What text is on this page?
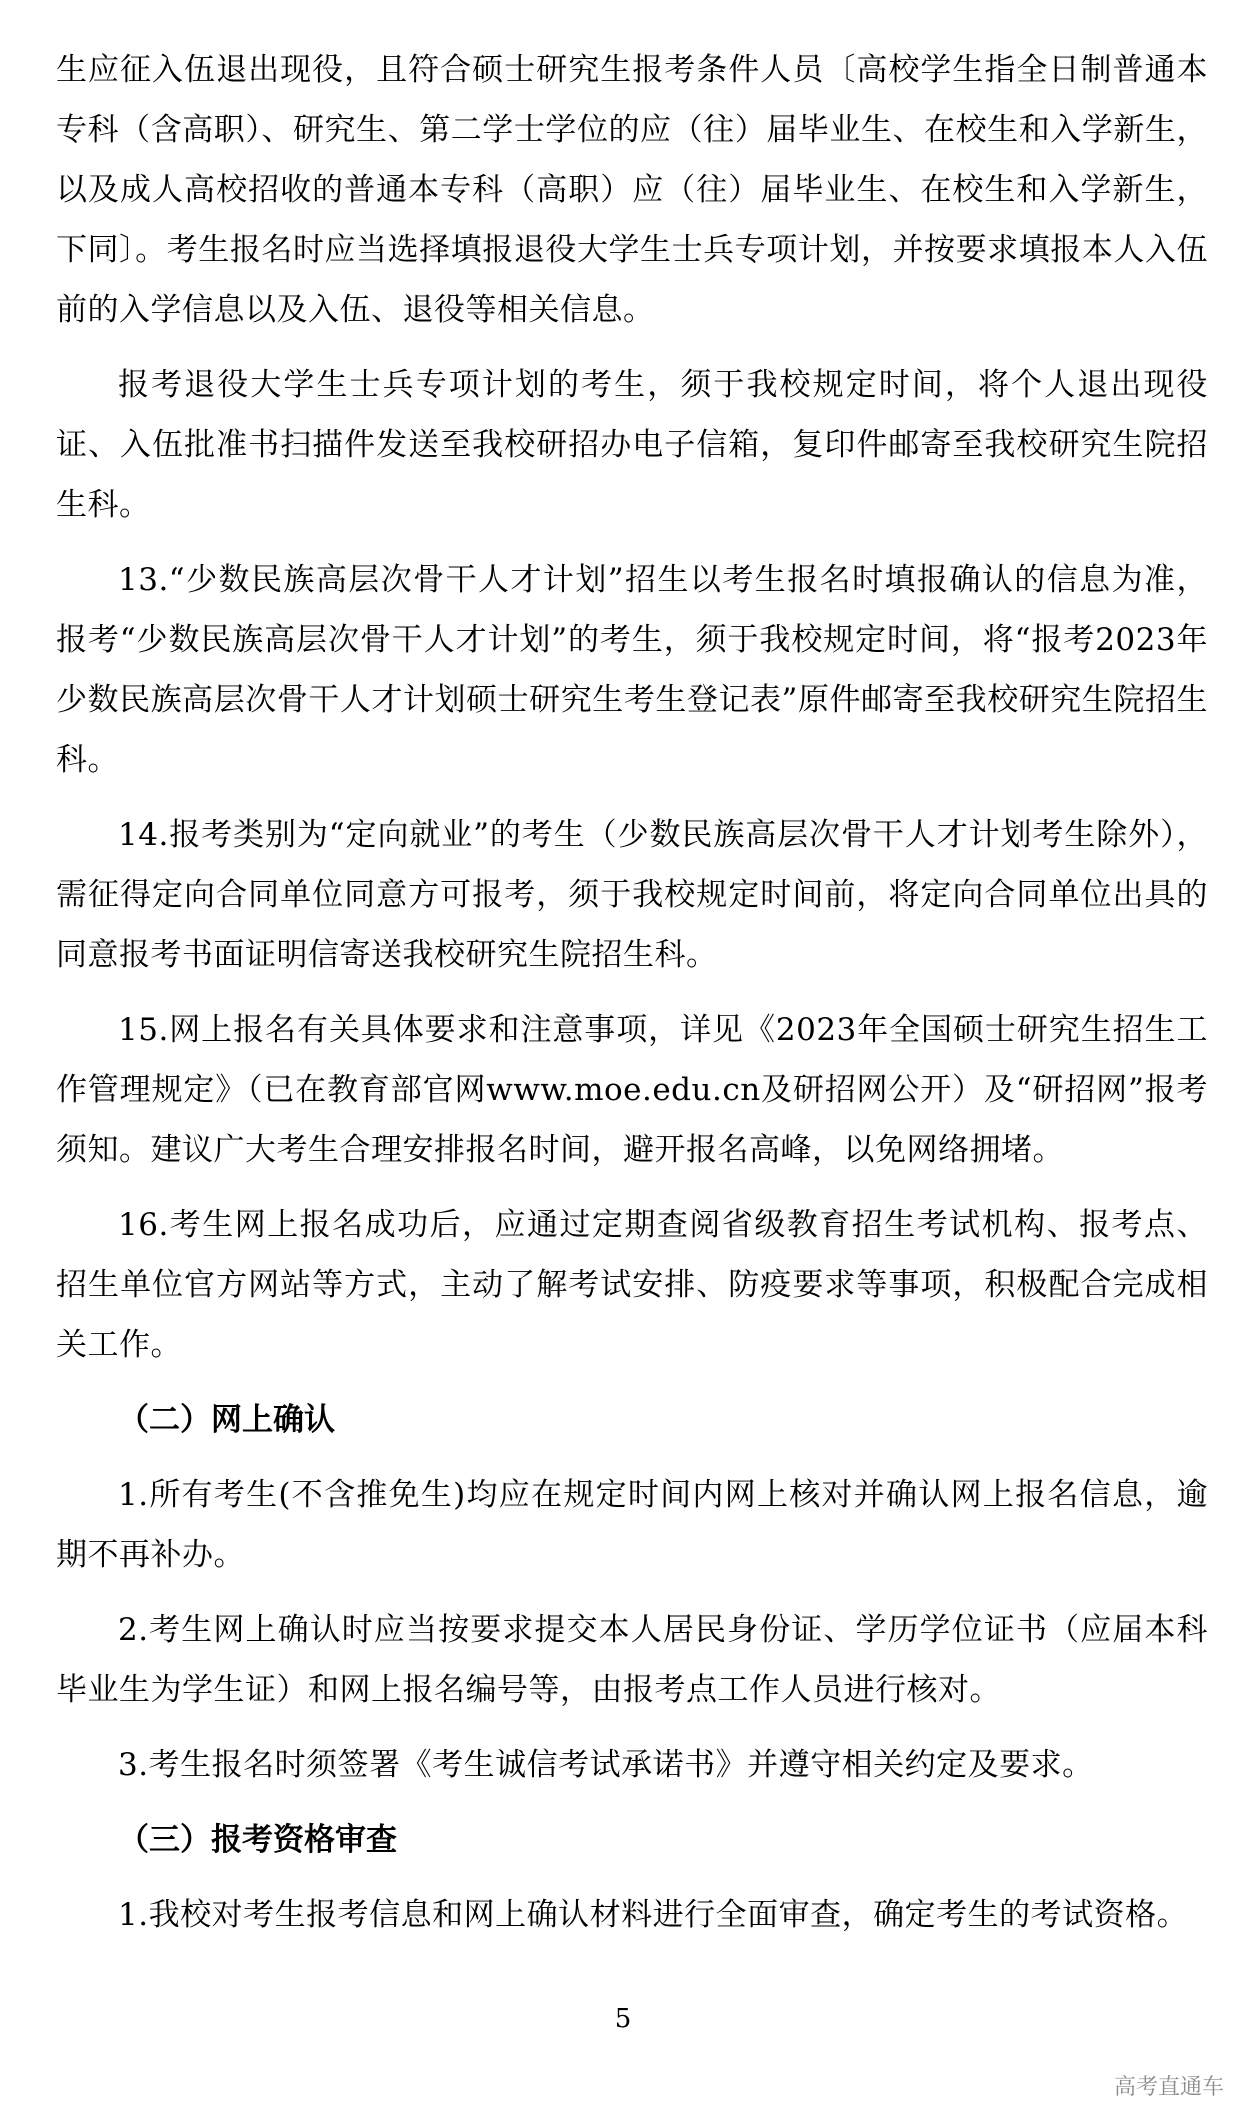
生应征入伍退出现役，且符合硕士研究生报考条件人员〔高校学生指全日制普通本专科（含高职）、研究生、第二学士学位的应（往）届毕业生、在校生和入学新生，以及成人高校招收的普通本专科（高职）应（往）届毕业生、在校生和入学新生，下同〕。考生报名时应当选择填报退役大学生士兵专项计划，并按要求填报本人入伍前的入学信息以及入伍、退役等相关信息。

报考退役大学生士兵专项计划的考生，须于我校规定时间，将个人退出现役证、入伍批准书扫描件发送至我校研招办电子信箱，复印件邮寄至我校研究生院招生科。

13.“少数民族高层次骨干人才计划”招生以考生报名时填报确认的信息为准，报考“少数民族高层次骨干人才计划”的考生，须于我校规定时间，将“报考2023年少数民族高层次骨干人才计划硕士研究生考生登记表”原件邮寄至我校研究生院招生科。

14.报考类别为“定向就业”的考生（少数民族高层次骨干人才计划考生除外），需征得定向合同单位同意方可报考，须于我校规定时间前，将定向合同单位出具的同意报考书面证明信寄送我校研究生院招生科。

15.网上报名有关具体要求和注意事项，详见《2023年全国硕士研究生招生工作管理规定》（已在教育部官网www.moe.edu.cn及研招网公开）及“研招网”报考须知。建议广大考生合理安排报名时间，避开报名高峰，以免网络拥堵。

16.考生网上报名成功后，应通过定期查阅省级教育招生考试机构、报考点、招生单位官方网站等方式，主动了解考试安排、防疫要求等事项，积极配合完成相关工作。

（二）网上确认

1.所有考生(不含推免生)均应在规定时间内网上核对并确认网上报名信息，逾期不再补办。

2.考生网上确认时应当按要求提交本人居民身份证、学历学位证书（应届本科毕业生为学生证）和网上报名编号等，由报考点工作人员进行核对。

3.考生报名时须签署《考生诚信考试承诺书》并遵守相关约定及要求。

（三）报考资格审查

1.我校对考生报考信息和网上确认材料进行全面审查，确定考生的考试资格。

5
高考直通车
